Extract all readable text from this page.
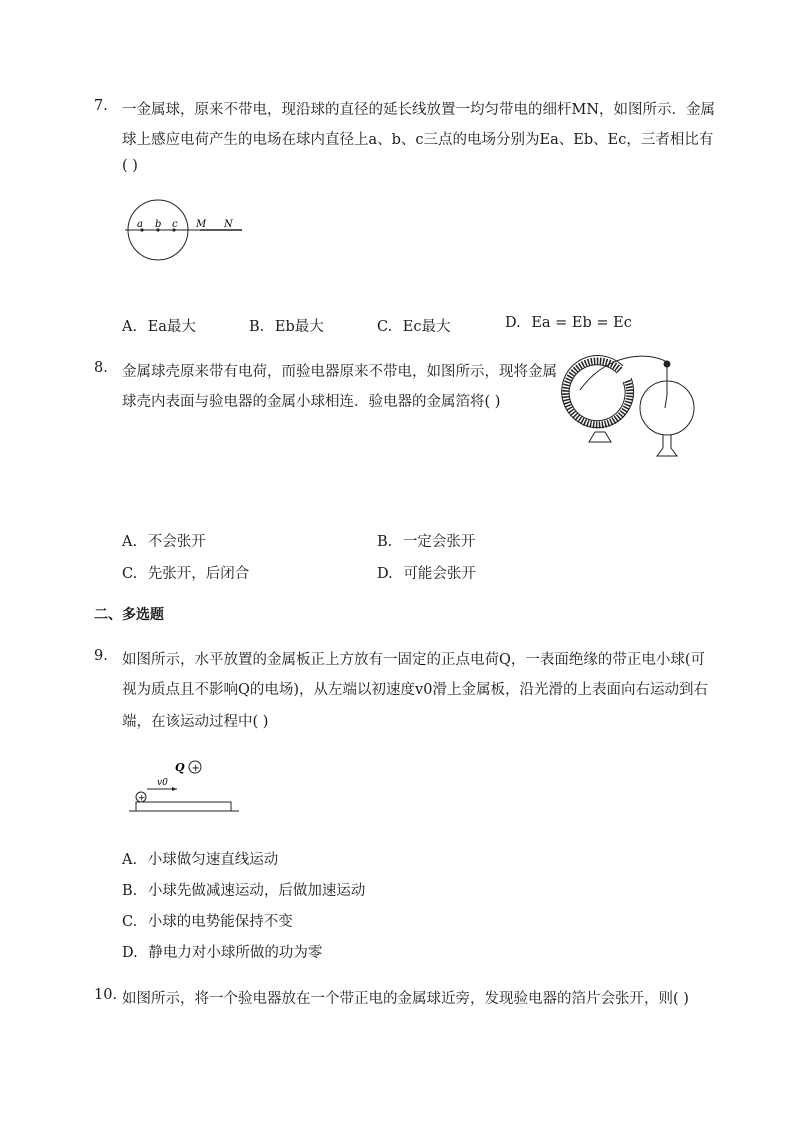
7. 一金属球，原来不带电，现沿球的直径的延长线放置一均匀带电的细杆MN，如图所示．金属
球上感应电荷产生的电场在球内直径上a、b、c三点的电场分别为Ea、Eb、Ec，三者相比有
( )
a b c M N
A. Ea最大	B. Eb最大	C. Ec最大	D. Ea = Eb = Ec
8. 金属球壳原来带有电荷，而验电器原来不带电，如图所示，现将金属
球壳内表面与验电器的金属小球相连．验电器的金属箔将( )
A. 不会张开	B. 一定会张开
C. 先张开，后闭合	D. 可能会张开
二、多选题
9. 如图所示，水平放置的金属板正上方放有一固定的正点电荷Q，一表面绝缘的带正电小球(可
视为质点且不影响Q的电场)，从左端以初速度v0滑上金属板，沿光滑的上表面向右运动到右
端，在该运动过程中( )
Q +
v0
+
A. 小球做匀速直线运动
B. 小球先做减速运动，后做加速运动
C. 小球的电势能保持不变
D. 静电力对小球所做的功为零
10. 如图所示，将一个验电器放在一个带正电的金属球近旁，发现验电器的箔片会张开，则( )
